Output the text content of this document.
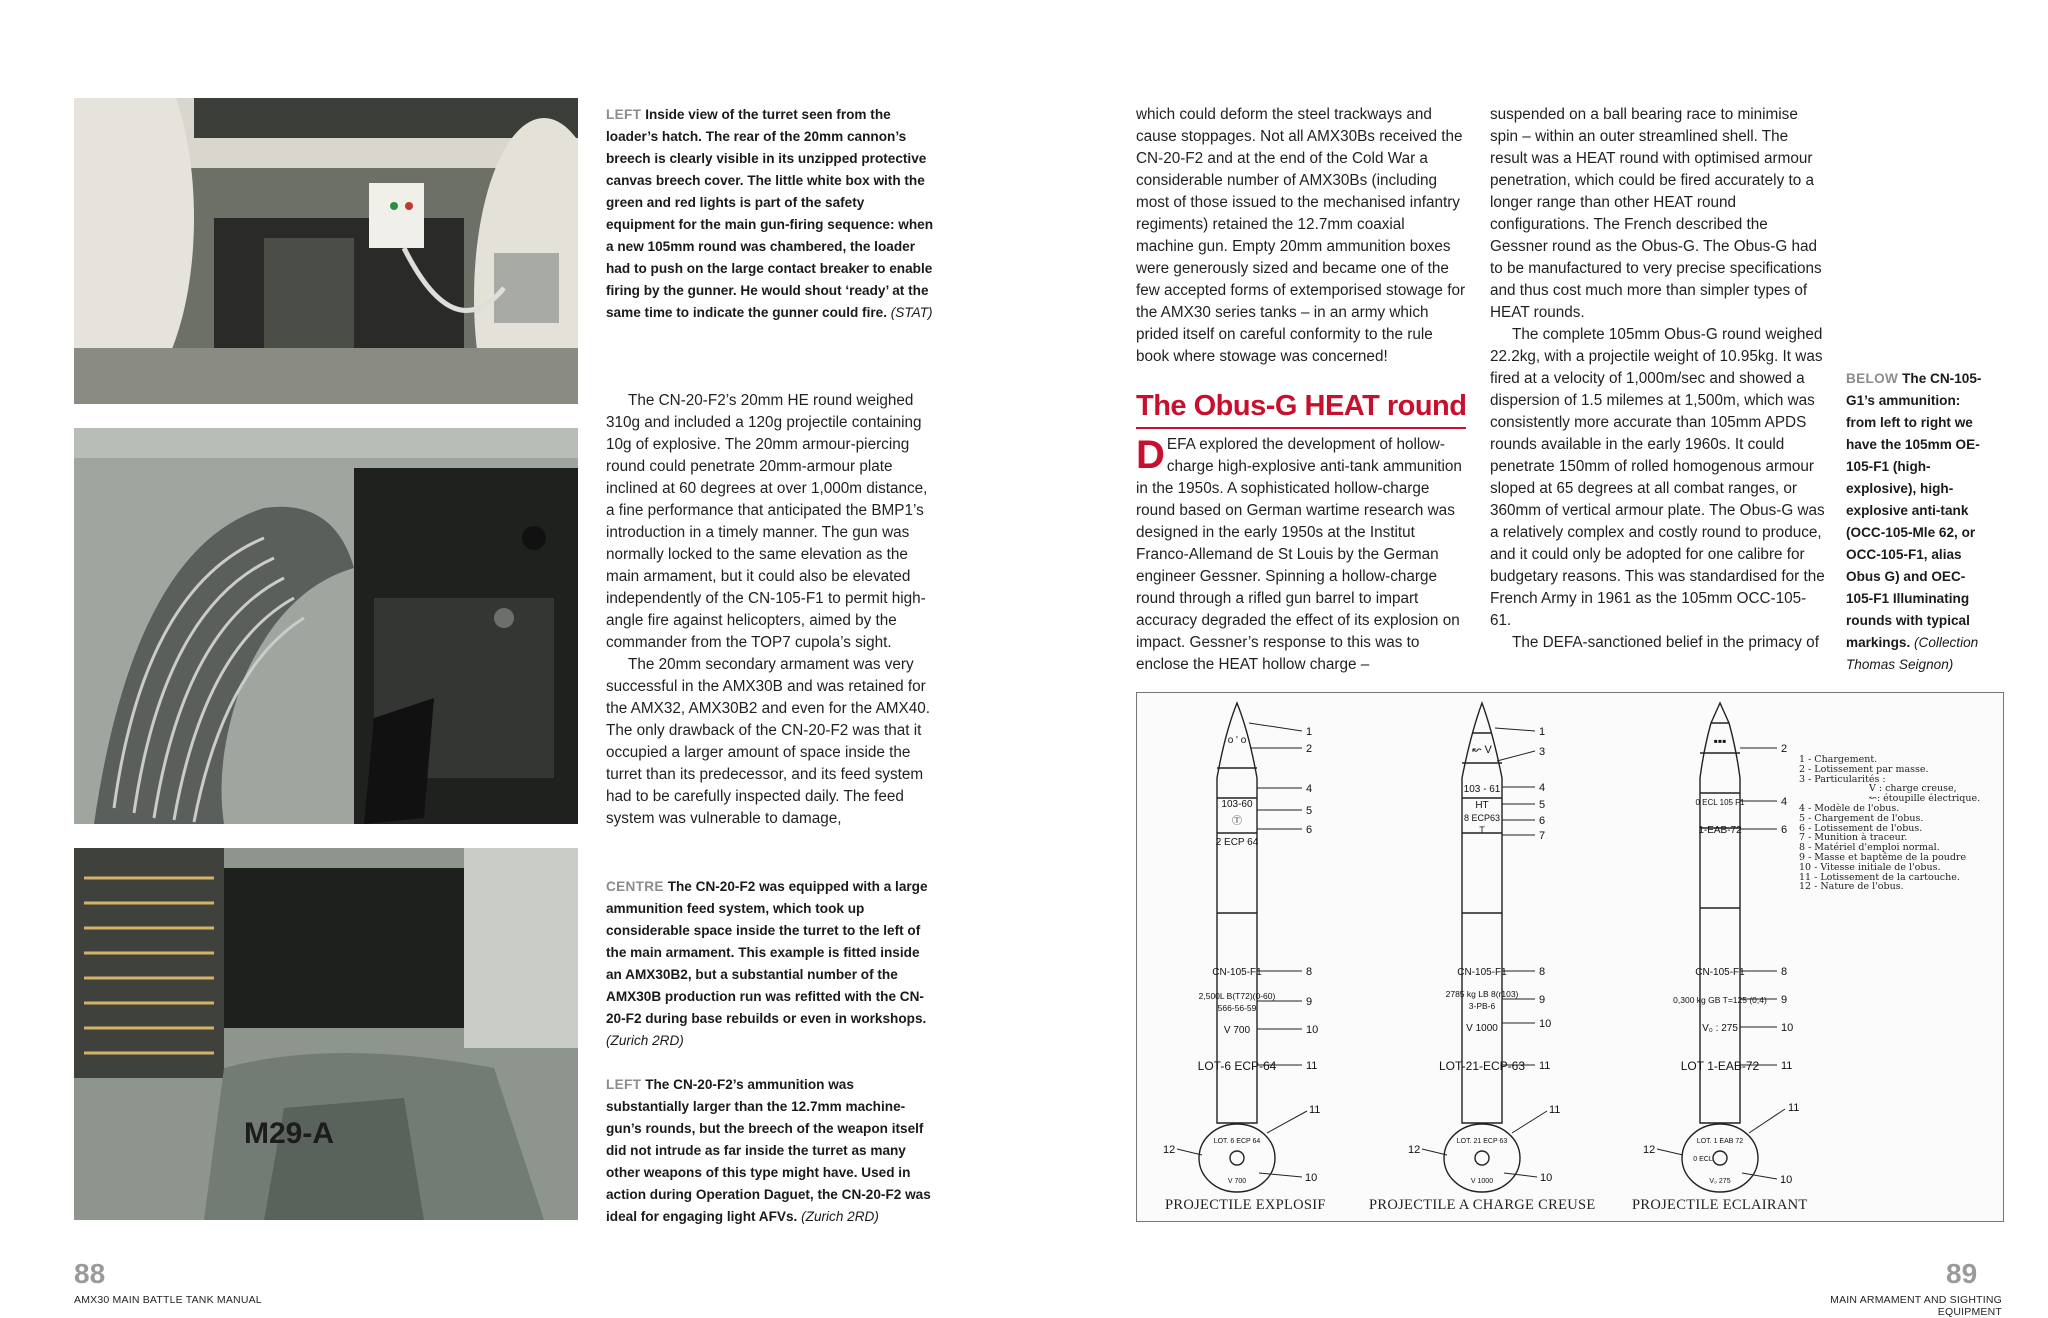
M29-A

LEFT Inside view of the turret seen from the loader’s hatch. The rear of the 20mm cannon’s breech is clearly visible in its unzipped protective canvas breech cover. The little white box with the green and red lights is part of the safety equipment for the main gun-firing sequence: when a new 105mm round was chambered, the loader had to push on the large contact breaker to enable firing by the gunner. He would shout ‘ready’ at the same time to indicate the gunner could fire. (STAT)

The CN-20-F2’s 20mm HE round weighed 310g and included a 120g projectile containing 10g of explosive. The 20mm armour-piercing round could penetrate 20mm-armour plate inclined at 60 degrees at over 1,000m distance, a fine performance that anticipated the BMP1’s introduction in a timely manner. The gun was normally locked to the same elevation as the main armament, but it could also be elevated independently of the CN-105-F1 to permit high-angle fire against helicopters, aimed by the commander from the TOP7 cupola’s sight.

The 20mm secondary armament was very successful in the AMX30B and was retained for the AMX32, AMX30B2 and even for the AMX40. The only drawback of the CN-20-F2 was that it occupied a larger amount of space inside the turret than its predecessor, and its feed system had to be carefully inspected daily. The feed system was vulnerable to damage,

CENTRE The CN-20-F2 was equipped with a large ammunition feed system, which took up considerable space inside the turret to the left of the main armament. This example is fitted inside an AMX30B2, but a substantial number of the AMX30B production run was refitted with the CN-20-F2 during base rebuilds or even in workshops. (Zurich 2RD)

LEFT The CN-20-F2’s ammunition was substantially larger than the 12.7mm machine-gun’s rounds, but the breech of the weapon itself did not intrude as far inside the turret as many other weapons of this type might have. Used in action during Operation Daguet, the CN-20-F2 was ideal for engaging light AFVs. (Zurich 2RD)

88
AMX30 MAIN BATTLE TANK MANUAL

which could deform the steel trackways and cause stoppages. Not all AMX30Bs received the CN-20-F2 and at the end of the Cold War a considerable number of AMX30Bs (including most of those issued to the mechanised infantry regiments) retained the 12.7mm coaxial machine gun. Empty 20mm ammunition boxes were generously sized and became one of the few accepted forms of extemporised stowage for the AMX30 series tanks – in an army which prided itself on careful conformity to the rule book where stowage was concerned!

The Obus-G HEAT round

DEFA explored the development of hollow-charge high-explosive anti-tank ammunition in the 1950s. A sophisticated hollow-charge round based on German wartime research was designed in the early 1950s at the Institut Franco-Allemand de St Louis by the German engineer Gessner. Spinning a hollow-charge round through a rifled gun barrel to impart accuracy degraded the effect of its explosion on impact. Gessner’s response to this was to enclose the HEAT hollow charge –

suspended on a ball bearing race to minimise spin – within an outer streamlined shell. The result was a HEAT round with optimised armour penetration, which could be fired accurately to a longer range than other HEAT round configurations. The French described the Gessner round as the Obus-G. The Obus-G had to be manufactured to very precise specifications and thus cost much more than simpler types of HEAT rounds.

The complete 105mm Obus-G round weighed 22.2kg, with a projectile weight of 10.95kg. It was fired at a velocity of 1,000m/sec and showed a dispersion of 1.5 milemes at 1,500m, which was consistently more accurate than 105mm APDS rounds available in the early 1960s. It could penetrate 150mm of rolled homogenous armour sloped at 65 degrees at all combat ranges, or 360mm of vertical armour plate. The Obus-G was a relatively complex and costly round to produce, and it could only be adopted for one calibre for budgetary reasons. This was standardised for the French Army in 1961 as the 105mm OCC-105-61.

The DEFA-sanctioned belief in the primacy of

BELOW The CN-105-G1’s ammunition: from left to right we have the 105mm OE-105-F1 (high-explosive), high-explosive anti-tank (OCC-105-Mle 62, or OCC-105-F1, alias Obus G) and OEC-105-F1 Illuminating rounds with typical markings. (Collection Thomas Seignon)

o ' o
103-60
Ⓣ
2 ECP 64
CN-105-F1
2,500L B(T72)(0-60)
566-56-59
V 700
LOT-6 ECP-64
LOT. 6 ECP 64
V 700
↜ V
103 - 61
HT
8 ECP63
T
CN-105-F1
2785 kg LB 8(r103)
3-PB-6
V 1000
LOT-21-ECP-63
LOT. 21 ECP 63
V 1000
▪▪▪
0 ECL 105 F1
1-EAB-72
CN-105-F1
0,300 kg GB T=125 (0,4)
V₀ : 275
LOT 1-EAB-72
LOT. 1 EAB 72
0 ECL
V₀ 275
1
2
4
5
6
8
9
10
11
11
12
10
1
3
4
5
6
7
8
9
10
11
11
12
10
2
4
6
8
9
10
11
11
12
10
1 - Chargement.
2 - Lotissement par masse.
3 - Particularités :
V : charge creuse,
↜: étoupille électrique.
4 - Modèle de l'obus.
5 - Chargement de l'obus.
6 - Lotissement de l'obus.
7 - Munition à traceur.
8 - Matériel d'emploi normal.
9 - Masse et baptême de la poudre
10 - Vitesse initiale de l'obus.
11 - Lotissement de la cartouche.
12 - Nature de l'obus.
PROJECTILE EXPLOSIF	PROJECTILE A CHARGE CREUSE	PROJECTILE ECLAIRANT
89
MAIN ARMAMENT AND SIGHTING EQUIPMENT
